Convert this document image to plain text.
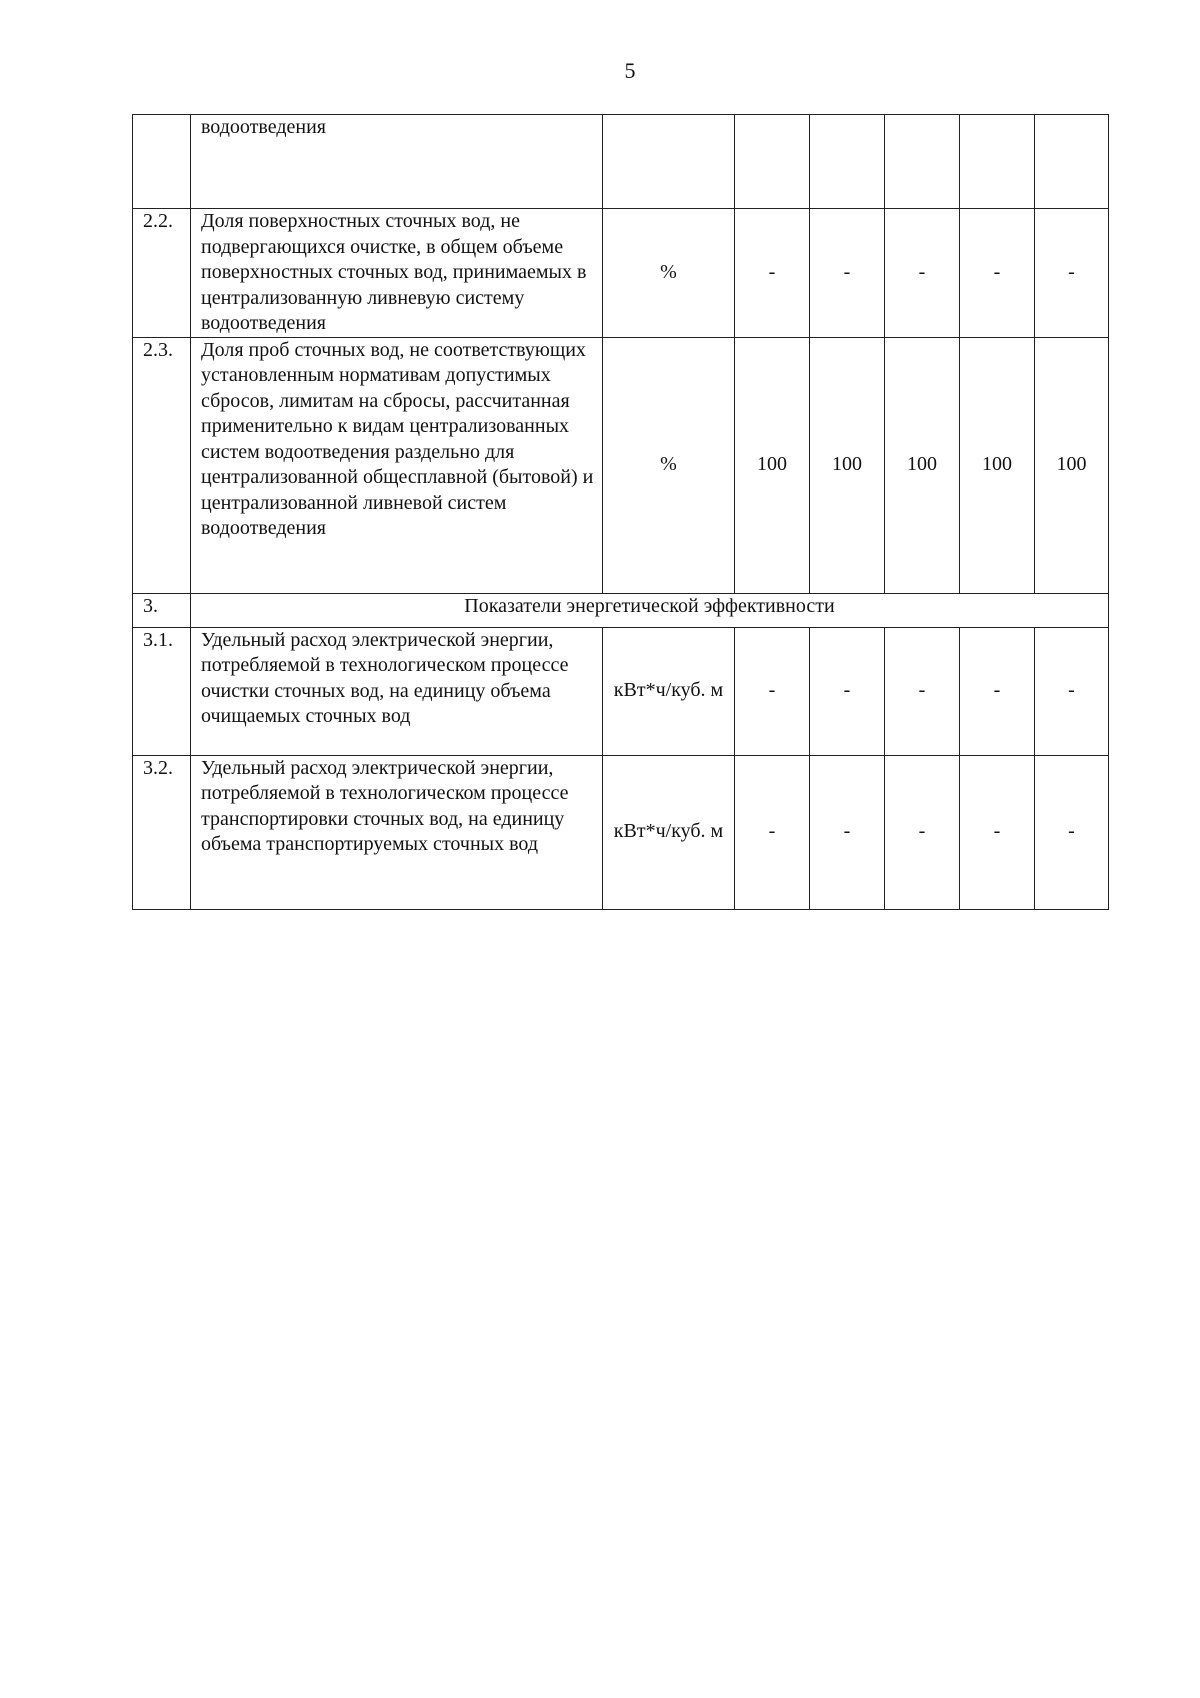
5
	водоотведения						
2.2.	Доля поверхностных сточных вод, не подвергающихся очистке, в общем объеме поверхностных сточных вод, принимаемых в централизованную ливневую систему водоотведения	%	-	-	-	-	-
2.3.	Доля проб сточных вод, не соответствующих установленным нормативам допустимых сбросов, лимитам на сбросы, рассчитанная применительно к видам централизованных систем водоотведения раздельно для централизованной общесплавной (бытовой) и централизованной ливневой систем водоотведения	%	100	100	100	100	100
3.	Показатели энергетической эффективности						
3.1.	Удельный расход электрической энергии, потребляемой в технологическом процессе очистки сточных вод, на единицу объема очищаемых сточных вод	кВт*ч/куб. м	-	-	-	-	-
3.2.	Удельный расход электрической энергии, потребляемой в технологическом процессе транспортировки сточных вод, на единицу объема транспортируемых сточных вод	кВт*ч/куб. м	-	-	-	-	-
